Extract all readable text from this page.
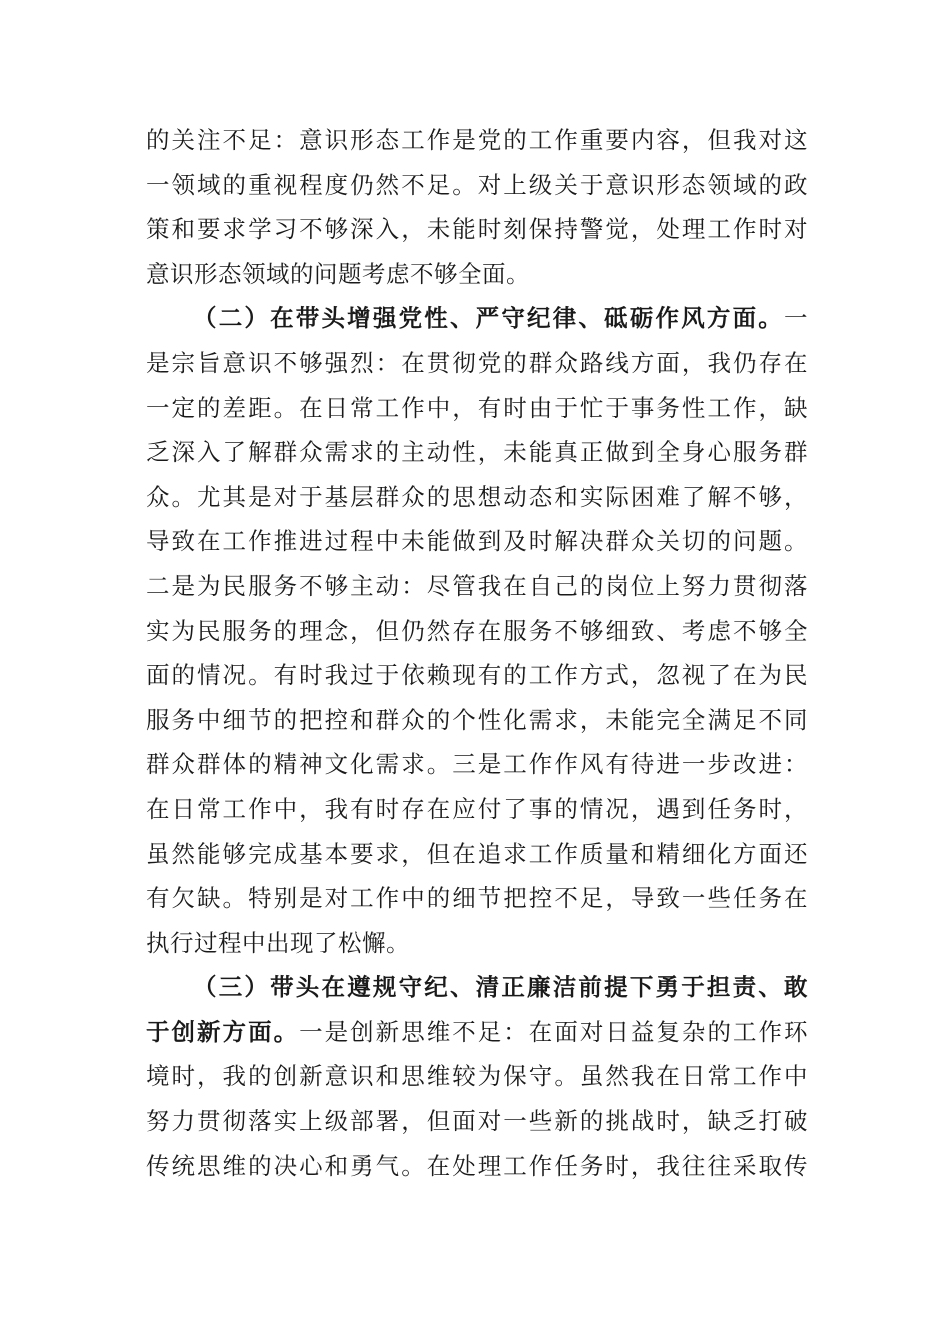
的关注不足：意识形态工作是党的工作重要内容，但我对这
一领域的重视程度仍然不足。对上级关于意识形态领域的政
策和要求学习不够深入，未能时刻保持警觉，处理工作时对
意识形态领域的问题考虑不够全面。
（二）在带头增强党性、严守纪律、砥砺作风方面。一
是宗旨意识不够强烈：在贯彻党的群众路线方面，我仍存在
一定的差距。在日常工作中，有时由于忙于事务性工作，缺
乏深入了解群众需求的主动性，未能真正做到全身心服务群
众。尤其是对于基层群众的思想动态和实际困难了解不够，
导致在工作推进过程中未能做到及时解决群众关切的问题。
二是为民服务不够主动：尽管我在自己的岗位上努力贯彻落
实为民服务的理念，但仍然存在服务不够细致、考虑不够全
面的情况。有时我过于依赖现有的工作方式，忽视了在为民
服务中细节的把控和群众的个性化需求，未能完全满足不同
群众群体的精神文化需求。三是工作作风有待进一步改进：
在日常工作中，我有时存在应付了事的情况，遇到任务时，
虽然能够完成基本要求，但在追求工作质量和精细化方面还
有欠缺。特别是对工作中的细节把控不足，导致一些任务在
执行过程中出现了松懈。
（三）带头在遵规守纪、清正廉洁前提下勇于担责、敢
于创新方面。一是创新思维不足：在面对日益复杂的工作环
境时，我的创新意识和思维较为保守。虽然我在日常工作中
努力贯彻落实上级部署，但面对一些新的挑战时，缺乏打破
传统思维的决心和勇气。在处理工作任务时，我往往采取传
